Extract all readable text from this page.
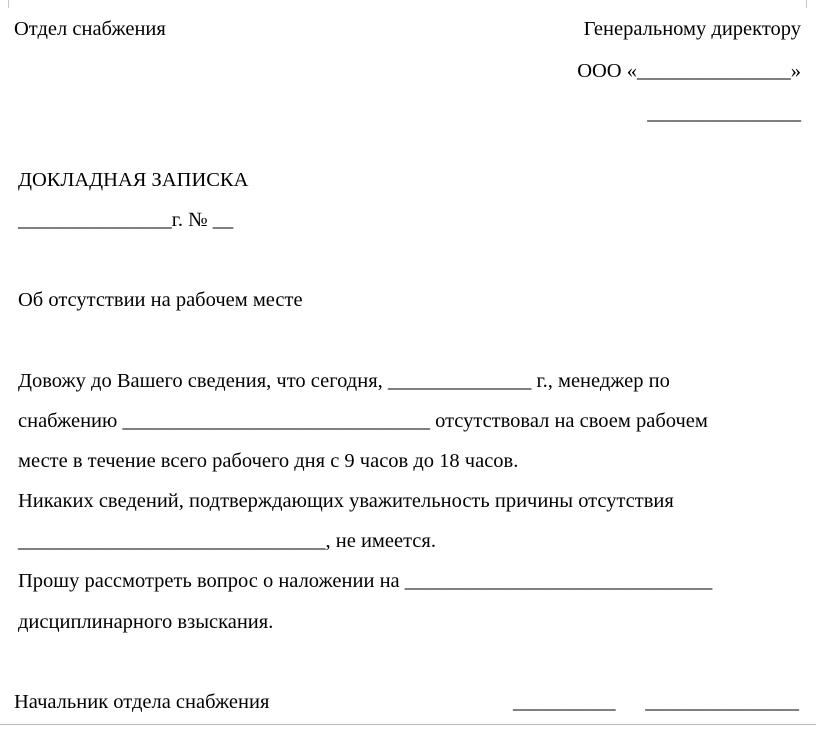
Отдел снабжения	Генеральному директору
ООО «_______________»
_______________
ДОКЛАДНАЯ ЗАПИСКА
_______________г. № __
Об отсутствии на рабочем месте
Довожу до Вашего сведения, что сегодня, ______________ г., менеджер по
снабжению ______________________________ отсутствовал на своем рабочем
месте в течение всего рабочего дня с 9 часов до 18 часов.
Никаких сведений, подтверждающих уважительность причины отсутствия
______________________________, не имеется.
Прошу рассмотреть вопрос о наложении на ______________________________
дисциплинарного взыскания.
Начальник отдела снабжения	__________ _______________
